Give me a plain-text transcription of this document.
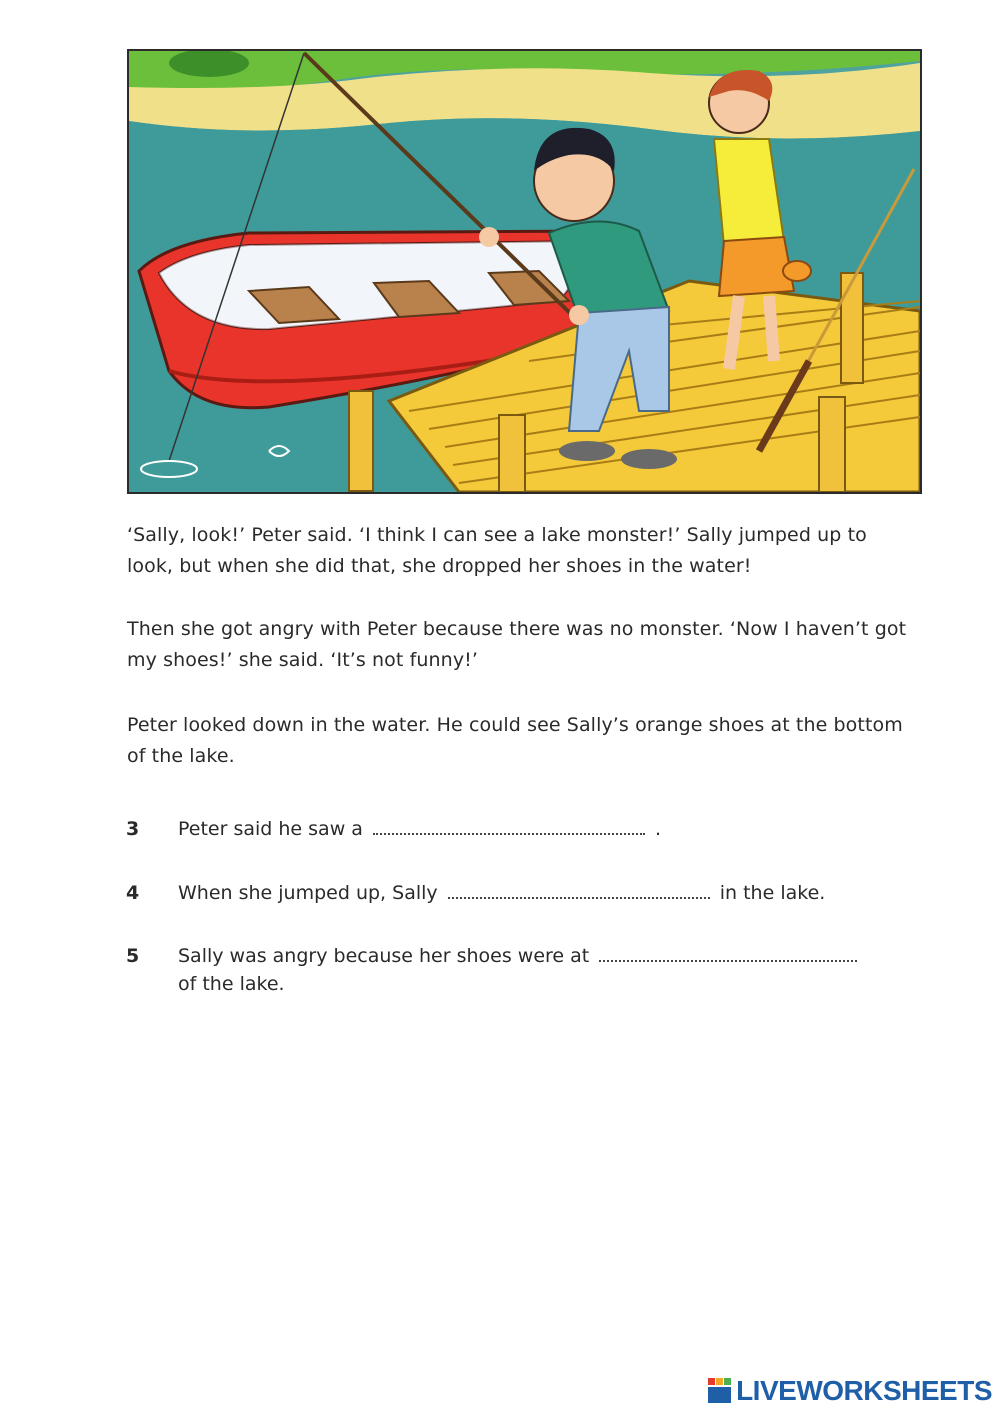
‘Sally, look!’ Peter said. ‘I think I can see a lake monster!’ Sally jumped up to look, but when she did that, she dropped her shoes in the water!

Then she got angry with Peter because there was no monster. ‘Now I haven’t got my shoes!’ she said. ‘It’s not funny!’

Peter looked down in the water. He could see Sally’s orange shoes at the bottom of the lake.

3 Peter said he saw a	.
4 When she jumped up, Sally	in the lake.
5 Sally was angry because her shoes were at
of the lake.
LIVEWORKSHEETS
